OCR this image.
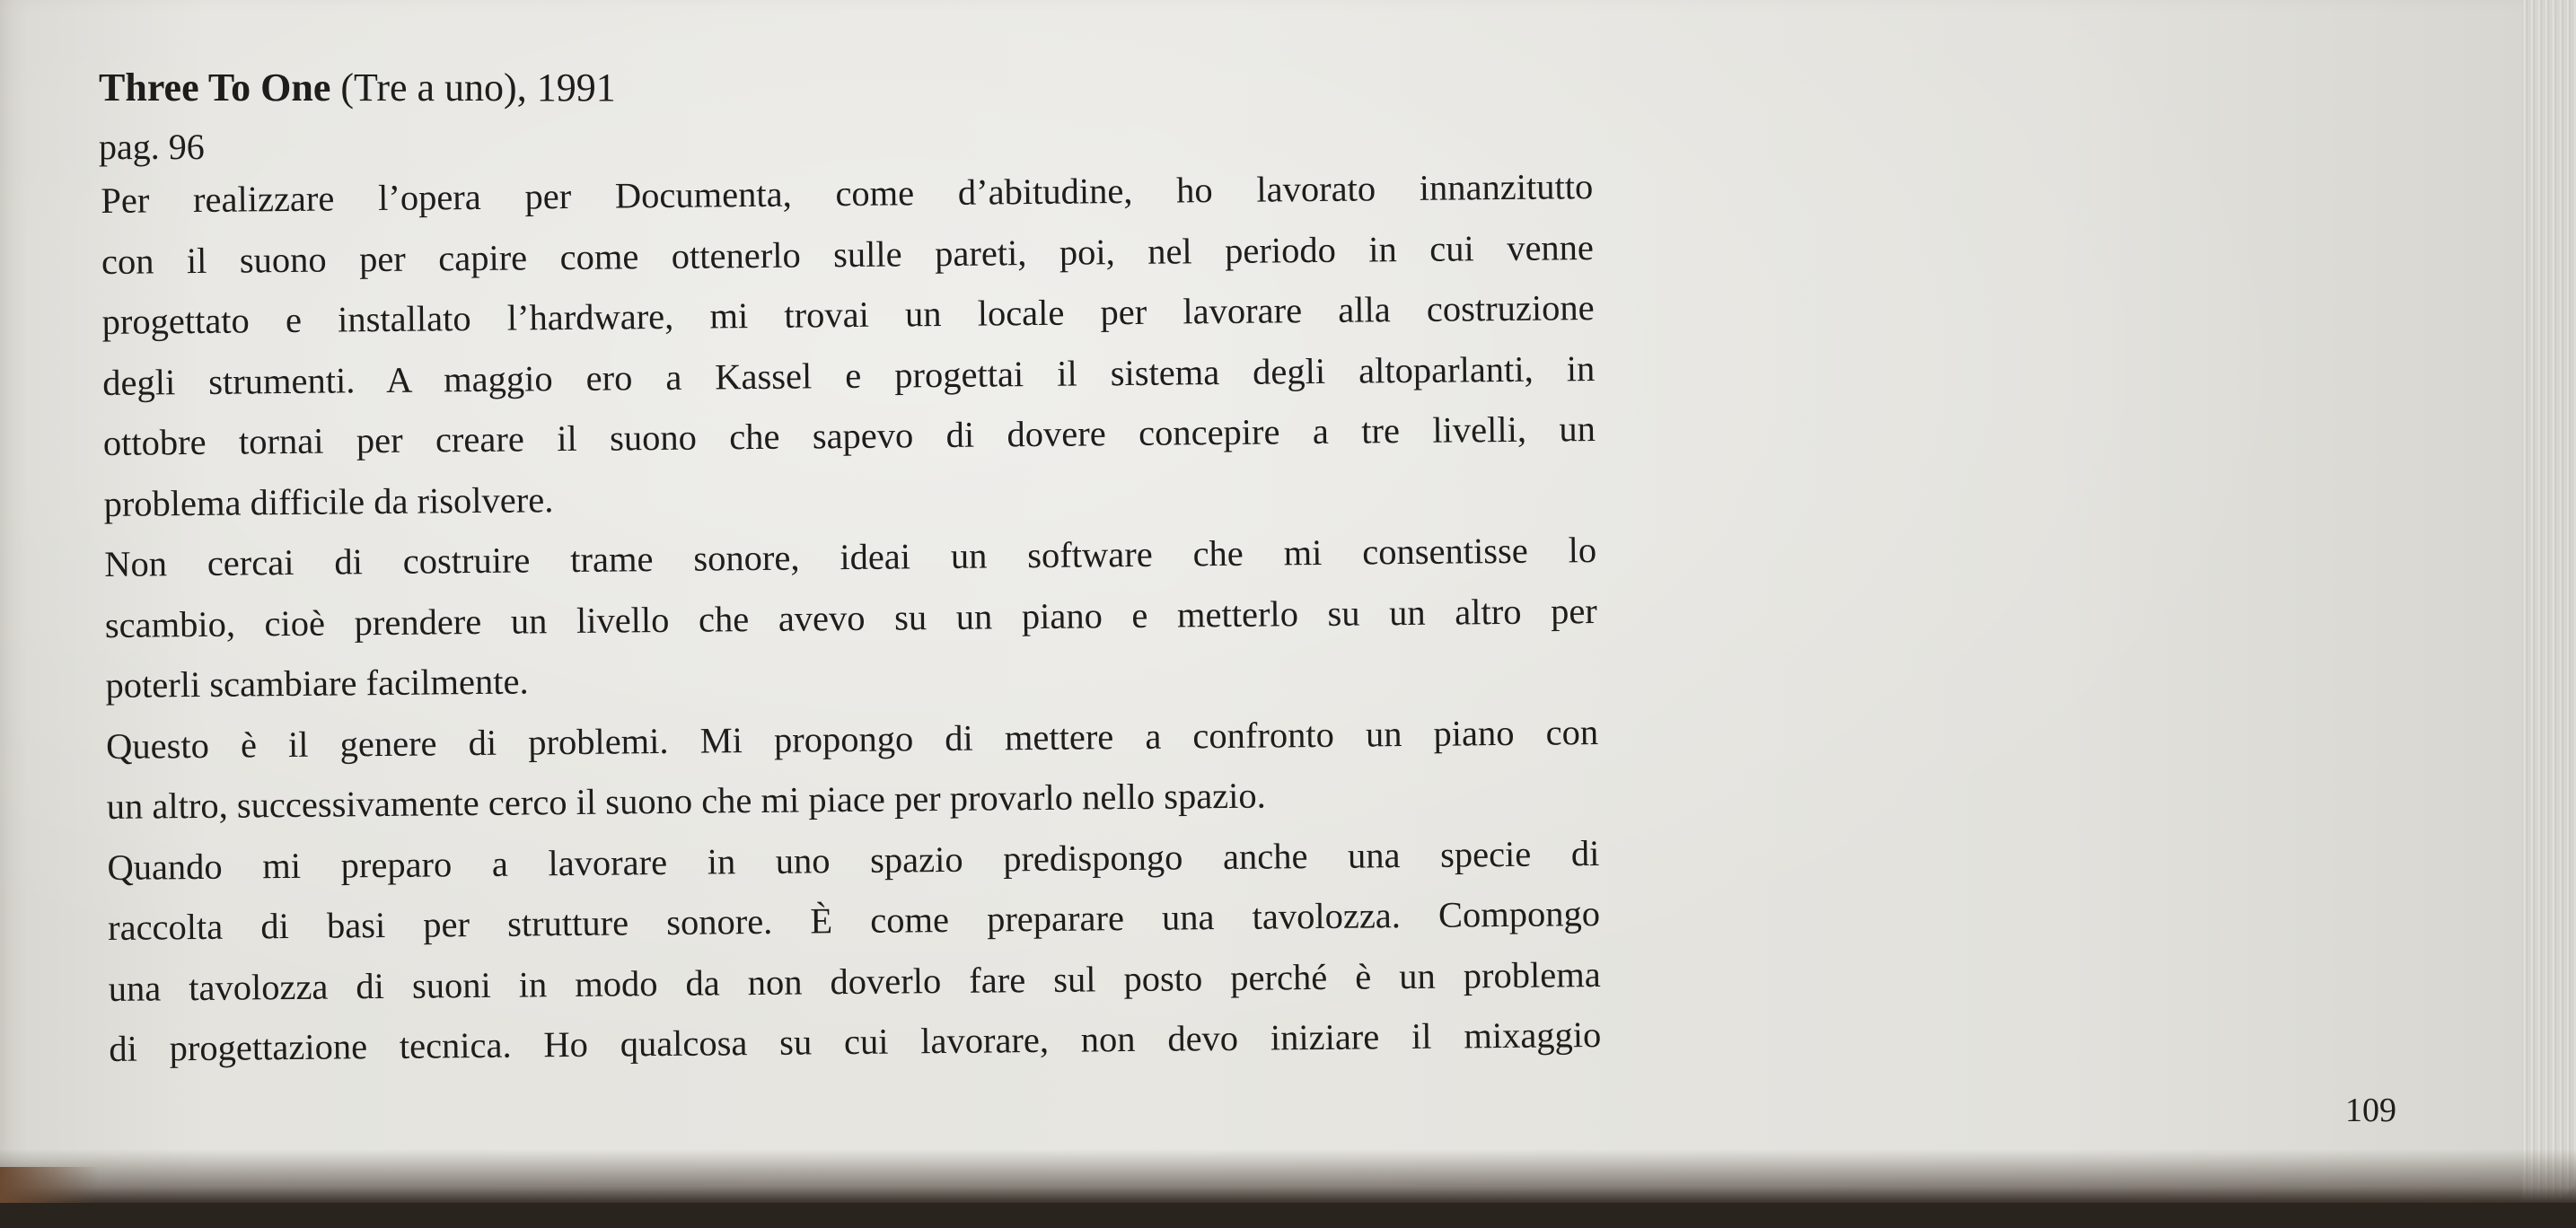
Three To One (Tre a uno), 1991
pag. 96
Per realizzare l’opera per Documenta, come d’abitudine, ho lavorato innanzitutto
con il suono per capire come ottenerlo sulle pareti, poi, nel periodo in cui venne
progettato e installato l’hardware, mi trovai un locale per lavorare alla costruzione
degli strumenti. A maggio ero a Kassel e progettai il sistema degli altoparlanti, in
ottobre tornai per creare il suono che sapevo di dovere concepire a tre livelli, un
problema difficile da risolvere.
Non cercai di costruire trame sonore, ideai un software che mi consentisse lo
scambio, cioè prendere un livello che avevo su un piano e metterlo su un altro per
poterli scambiare facilmente.
Questo è il genere di problemi. Mi propongo di mettere a confronto un piano con
un altro, successivamente cerco il suono che mi piace per provarlo nello spazio.
Quando mi preparo a lavorare in uno spazio predispongo anche una specie di
raccolta di basi per strutture sonore. È come preparare una tavolozza. Compongo
una tavolozza di suoni in modo da non doverlo fare sul posto perché è un problema
di progettazione tecnica. Ho qualcosa su cui lavorare, non devo iniziare il mixaggio
109
